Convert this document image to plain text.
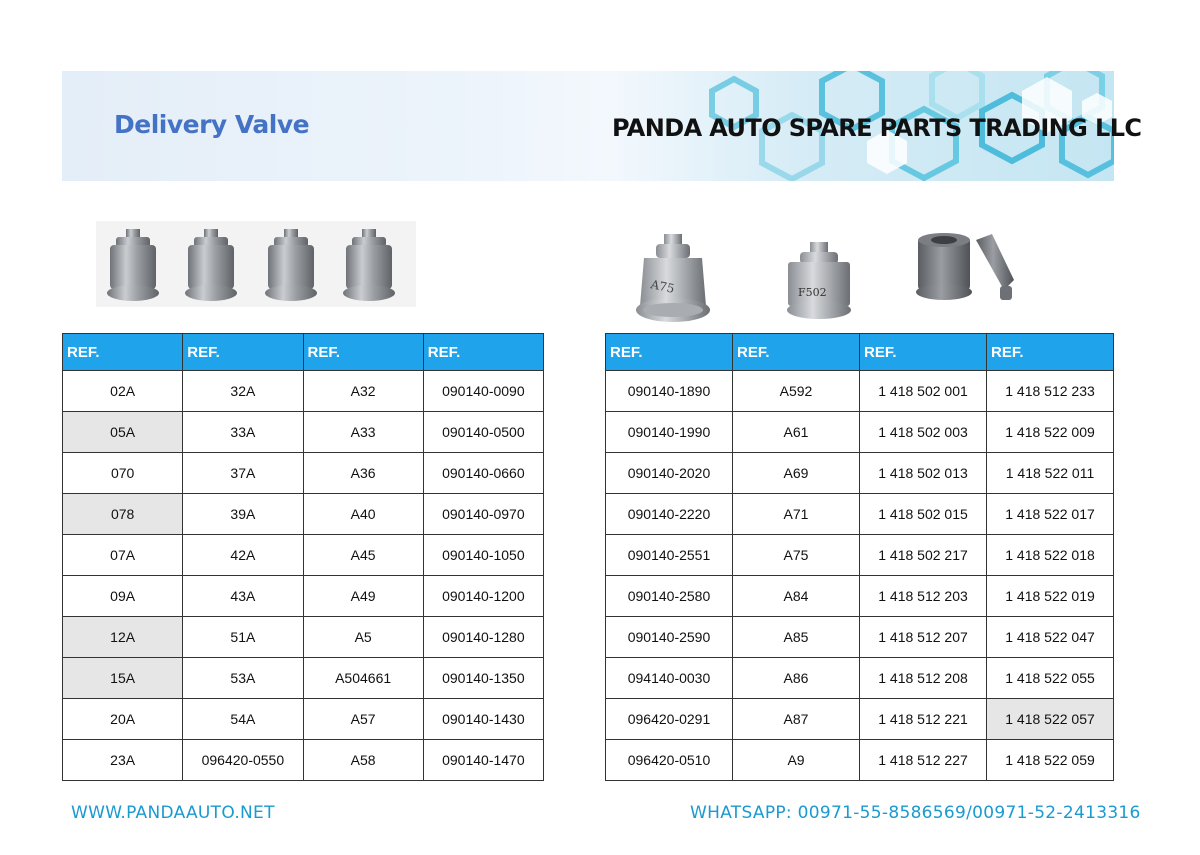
Delivery Valve	PANDA AUTO SPARE PARTS TRADING LLC
A75	F502
REF.	REF.	REF.	REF.
02A	32A	A32	090140-0090
05A	33A	A33	090140-0500
070	37A	A36	090140-0660
078	39A	A40	090140-0970
07A	42A	A45	090140-1050
09A	43A	A49	090140-1200
12A	51A	A5	090140-1280
15A	53A	A504661	090140-1350
20A	54A	A57	090140-1430
23A	096420-0550	A58	090140-1470
REF.	REF.	REF.	REF.
090140-1890	A592	1 418 502 001	1 418 512 233
090140-1990	A61	1 418 502 003	1 418 522 009
090140-2020	A69	1 418 502 013	1 418 522 011
090140-2220	A71	1 418 502 015	1 418 522 017
090140-2551	A75	1 418 502 217	1 418 522 018
090140-2580	A84	1 418 512 203	1 418 522 019
090140-2590	A85	1 418 512 207	1 418 522 047
094140-0030	A86	1 418 512 208	1 418 522 055
096420-0291	A87	1 418 512 221	1 418 522 057
096420-0510	A9	1 418 512 227	1 418 522 059
WWW.PANDAAUTO.NET	WHATSAPP: 00971-55-8586569/00971-52-2413316
